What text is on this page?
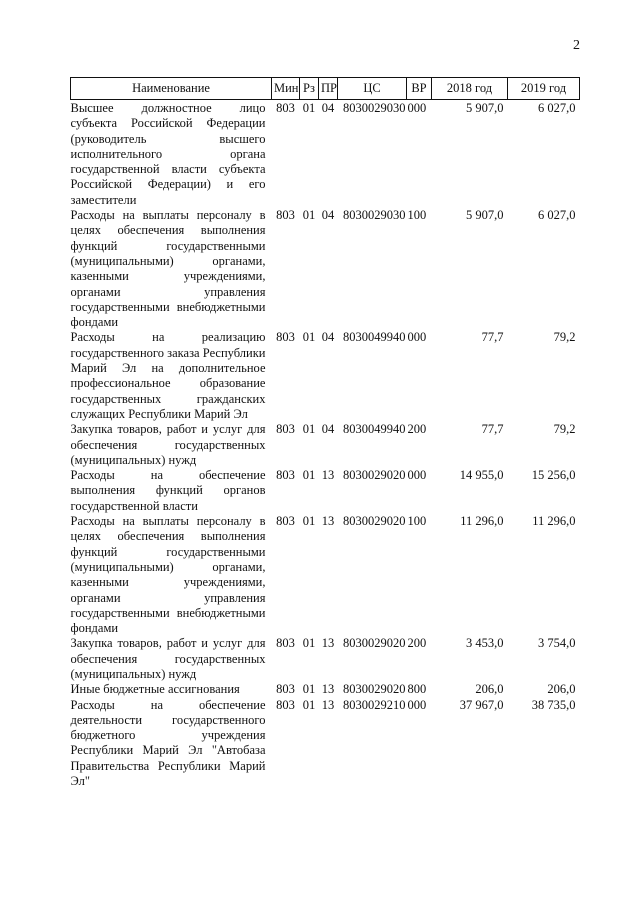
2
Наименование	Мин	Рз	ПР	ЦС	ВР	2018 год	2019 год

Высшее должностное лицо субъекта Российской Федерации (руководитель высшего исполнительного органа государственной власти субъекта Российской Федерации) и его заместители	803	01	04	8030029030	000	5 907,0	6 027,0
Расходы на выплаты персоналу в целях обеспечения выполнения функций государственными (муниципальными) органами, казенными учреждениями, органами управления государственными внебюджетными фондами	803	01	04	8030029030	100	5 907,0	6 027,0
Расходы на реализацию государственного заказа Республики Марий Эл на дополнительное профессиональное образование государственных гражданских служащих Республики Марий Эл	803	01	04	8030049940	000	77,7	79,2
Закупка товаров, работ и услуг для обеспечения государственных (муниципальных) нужд	803	01	04	8030049940	200	77,7	79,2
Расходы на обеспечение выполнения функций органов государственной власти	803	01	13	8030029020	000	14 955,0	15 256,0
Расходы на выплаты персоналу в целях обеспечения выполнения функций государственными (муниципальными) органами, казенными учреждениями, органами управления государственными внебюджетными фондами	803	01	13	8030029020	100	11 296,0	11 296,0
Закупка товаров, работ и услуг для обеспечения государственных (муниципальных) нужд	803	01	13	8030029020	200	3 453,0	3 754,0
Иные бюджетные ассигнования	803	01	13	8030029020	800	206,0	206,0
Расходы на обеспечение деятельности государственного бюджетного учреждения Республики Марий Эл "Автобаза Правительства Республики Марий Эл"	803	01	13	8030029210	000	37 967,0	38 735,0
